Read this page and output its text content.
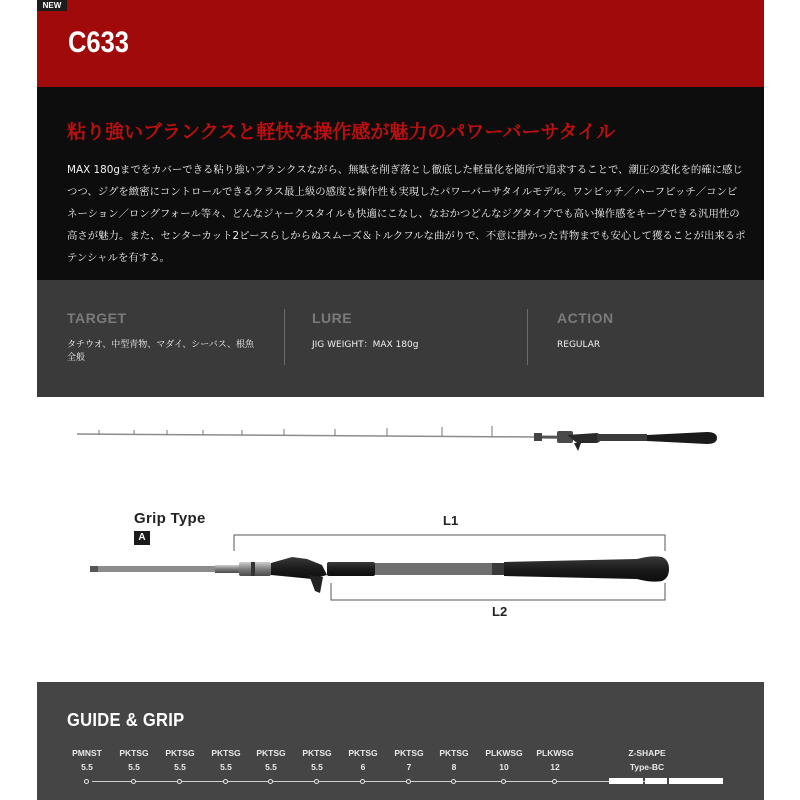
NEW
C633
粘り強いブランクスと軽快な操作感が魅力のパワーバーサタイル
MAX 180gまでをカバーできる粘り強いブランクスながら、無駄を削ぎ落とし徹底した軽量化を随所で追求することで、潮圧の変化を的確に感じつつ、ジグを緻密にコントロールできるクラス最上級の感度と操作性も実現したパワーバーサタイルモデル。ワンピッチ／ハーフピッチ／コンビネーション／ロングフォール等々、どんなジャークスタイルも快適にこなし、なおかつどんなジグタイプでも高い操作感をキープできる汎用性の高さが魅力。また、センターカット2ピースらしからぬスムーズ＆トルクフルな曲がりで、不意に掛かった青物までも安心して獲ることが出来るポテンシャルを有する。
TARGET
タチウオ、中型青物、マダイ、シーバス、根魚全般
LURE
JIG WEIGHT：MAX 180g
ACTION
REGULAR
Grip Type
A
L1
L2
GUIDE & GRIP
PMNST
5.5
PKTSG
5.5
PKTSG
5.5
PKTSG
5.5
PKTSG
5.5
PKTSG
5.5
PKTSG
6
PKTSG
7
PKTSG
8
PLKWSG
10
PLKWSG
12
Z-SHAPE
Type-BC
